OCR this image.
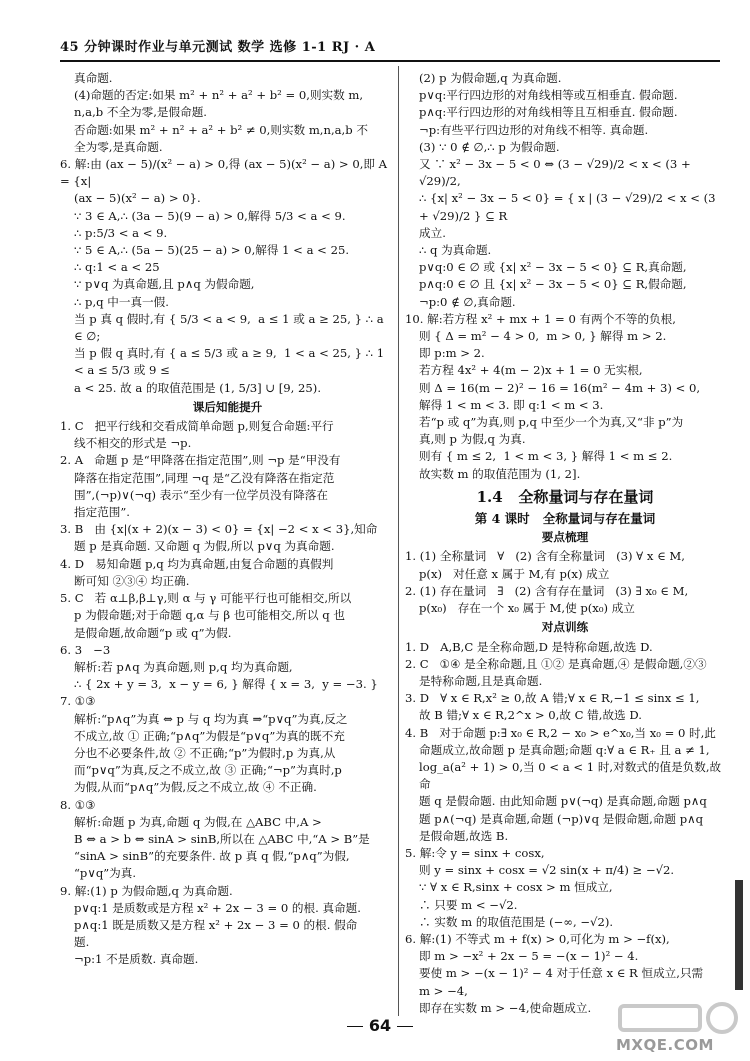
45 分钟课时作业与单元测试 数学 选修 1-1 RJ · A

真命题.

(4)命题的否定:如果 m² + n² + a² + b² = 0,则实数 m,

n,a,b 不全为零,是假命题.

否命题:如果 m² + n² + a² + b² ≠ 0,则实数 m,n,a,b 不

全为零,是真命题.

6. 解:由 (ax − 5)/(x² − a) > 0,得 (ax − 5)(x² − a) > 0,即 A = {x|

(ax − 5)(x² − a) > 0}.

∵ 3 ∈ A,∴ (3a − 5)(9 − a) > 0,解得 5/3 < a < 9.

∴ p:5/3 < a < 9.

∵ 5 ∈ A,∴ (5a − 5)(25 − a) > 0,解得 1 < a < 25.

∴ q:1 < a < 25

∵ p∨q 为真命题,且 p∧q 为假命题,

∴ p,q 中一真一假.

当 p 真 q 假时,有 { 5/3 < a < 9,  a ≤ 1 或 a ≥ 25, } ∴ a ∈ ∅;

当 p 假 q 真时,有 { a ≤ 5/3 或 a ≥ 9,  1 < a < 25, } ∴ 1 < a ≤ 5/3 或 9 ≤

a < 25. 故 a 的取值范围是 (1, 5/3] ∪ [9, 25).

课后知能提升

1. C   把平行线和交看成简单命题 p,则复合命题:平行

线不相交的形式是 ¬p.

2. A   命题 p 是“甲降落在指定范围”,则 ¬p 是“甲没有

降落在指定范围”,同理 ¬q 是“乙没有降落在指定范

围”,(¬p)∨(¬q) 表示“至少有一位学员没有降落在

指定范围”.

3. B   由 {x|(x + 2)(x − 3) < 0} = {x| −2 < x < 3},知命

题 p 是真命题. 又命题 q 为假,所以 p∨q 为真命题.

4. D   易知命题 p,q 均为真命题,由复合命题的真假判

断可知 ②③④ 均正确.

5. C   若 α⊥β,β⊥γ,则 α 与 γ 可能平行也可能相交,所以

p 为假命题;对于命题 q,α 与 β 也可能相交,所以 q 也

是假命题,故命题“p 或 q”为假.

6. 3   −3

解析:若 p∧q 为真命题,则 p,q 均为真命题,

∴ { 2x + y = 3,  x − y = 6, } 解得 { x = 3,  y = −3. }

7. ①③

解析:“p∧q”为真 ⇔ p 与 q 均为真 ⇒“p∨q”为真,反之

不成立,故 ① 正确;“p∧q”为假是“p∨q”为真的既不充

分也不必要条件,故 ② 不正确;“p”为假时,p 为真,从

而“p∨q”为真,反之不成立,故 ③ 正确;“¬p”为真时,p

为假,从而“p∧q”为假,反之不成立,故 ④ 不正确.

8. ①③

解析:命题 p 为真,命题 q 为假,在 △ABC 中,A >

B ⇔ a > b ⇔ sinA > sinB,所以在 △ABC 中,“A > B”是

“sinA > sinB”的充要条件. 故 p 真 q 假,“p∧q”为假,

“p∨q”为真.

9. 解:(1) p 为假命题,q 为真命题.

p∨q:1 是质数或是方程 x² + 2x − 3 = 0 的根. 真命题.

p∧q:1 既是质数又是方程 x² + 2x − 3 = 0 的根. 假命

题.

¬p:1 不是质数. 真命题.

(2) p 为假命题,q 为真命题.

p∨q:平行四边形的对角线相等或互相垂直. 假命题.

p∧q:平行四边形的对角线相等且互相垂直. 假命题.

¬p:有些平行四边形的对角线不相等. 真命题.

(3) ∵ 0 ∉ ∅,∴ p 为假命题.

又 ∵ x² − 3x − 5 < 0 ⇔ (3 − √29)/2 < x < (3 + √29)/2,

∴ {x| x² − 3x − 5 < 0} = { x | (3 − √29)/2 < x < (3 + √29)/2 } ⊆ R

成立.

∴ q 为真命题.

p∨q:0 ∈ ∅ 或 {x| x² − 3x − 5 < 0} ⊆ R,真命题,

p∧q:0 ∈ ∅ 且 {x| x² − 3x − 5 < 0} ⊆ R,假命题,

¬p:0 ∉ ∅,真命题.

10. 解:若方程 x² + mx + 1 = 0 有两个不等的负根,

则 { Δ = m² − 4 > 0,  m > 0, } 解得 m > 2.

即 p:m > 2.

若方程 4x² + 4(m − 2)x + 1 = 0 无实根,

则 Δ = 16(m − 2)² − 16 = 16(m² − 4m + 3) < 0,

解得 1 < m < 3. 即 q:1 < m < 3.

若“p 或 q”为真,则 p,q 中至少一个为真,又“非 p”为

真,则 p 为假,q 为真.

则有 { m ≤ 2,  1 < m < 3, } 解得 1 < m ≤ 2.

故实数 m 的取值范围为 (1, 2].

1.4   全称量词与存在量词

第 4 课时   全称量词与存在量词

要点梳理

1. (1) 全称量词   ∀   (2) 含有全称量词   (3) ∀ x ∈ M,

p(x)   对任意 x 属于 M,有 p(x) 成立

2. (1) 存在量词   ∃   (2) 含有存在量词   (3) ∃ x₀ ∈ M,

p(x₀)   存在一个 x₀ 属于 M,使 p(x₀) 成立

对点训练

1. D   A,B,C 是全称命题,D 是特称命题,故选 D.

2. C   ①④ 是全称命题,且 ①② 是真命题,④ 是假命题,②③

是特称命题,且是真命题.

3. D   ∀ x ∈ R,x² ≥ 0,故 A 错;∀ x ∈ R,−1 ≤ sinx ≤ 1,

故 B 错;∀ x ∈ R,2^x > 0,故 C 错,故选 D.

4. B   对于命题 p:∃ x₀ ∈ R,2 − x₀ > e^x₀,当 x₀ = 0 时,此

命题成立,故命题 p 是真命题;命题 q:∀ a ∈ R₊ 且 a ≠ 1,

log_a(a² + 1) > 0,当 0 < a < 1 时,对数式的值是负数,故命

题 q 是假命题. 由此知命题 p∨(¬q) 是真命题,命题 p∧q

题 p∧(¬q) 是真命题,命题 (¬p)∨q 是假命题,命题 p∧q

是假命题,故选 B.

5. 解:令 y = sinx + cosx,

则 y = sinx + cosx = √2 sin(x + π/4) ≥ −√2.

∵ ∀ x ∈ R,sinx + cosx > m 恒成立,

∴ 只要 m < −√2.

∴ 实数 m 的取值范围是 (−∞, −√2).

6. 解:(1) 不等式 m + f(x) > 0,可化为 m > −f(x),

即 m > −x² + 2x − 5 = −(x − 1)² − 4.

要使 m > −(x − 1)² − 4 对于任意 x ∈ R 恒成立,只需

m > −4,

即存在实数 m > −4,使命题成立.

64
MXQE.COM
